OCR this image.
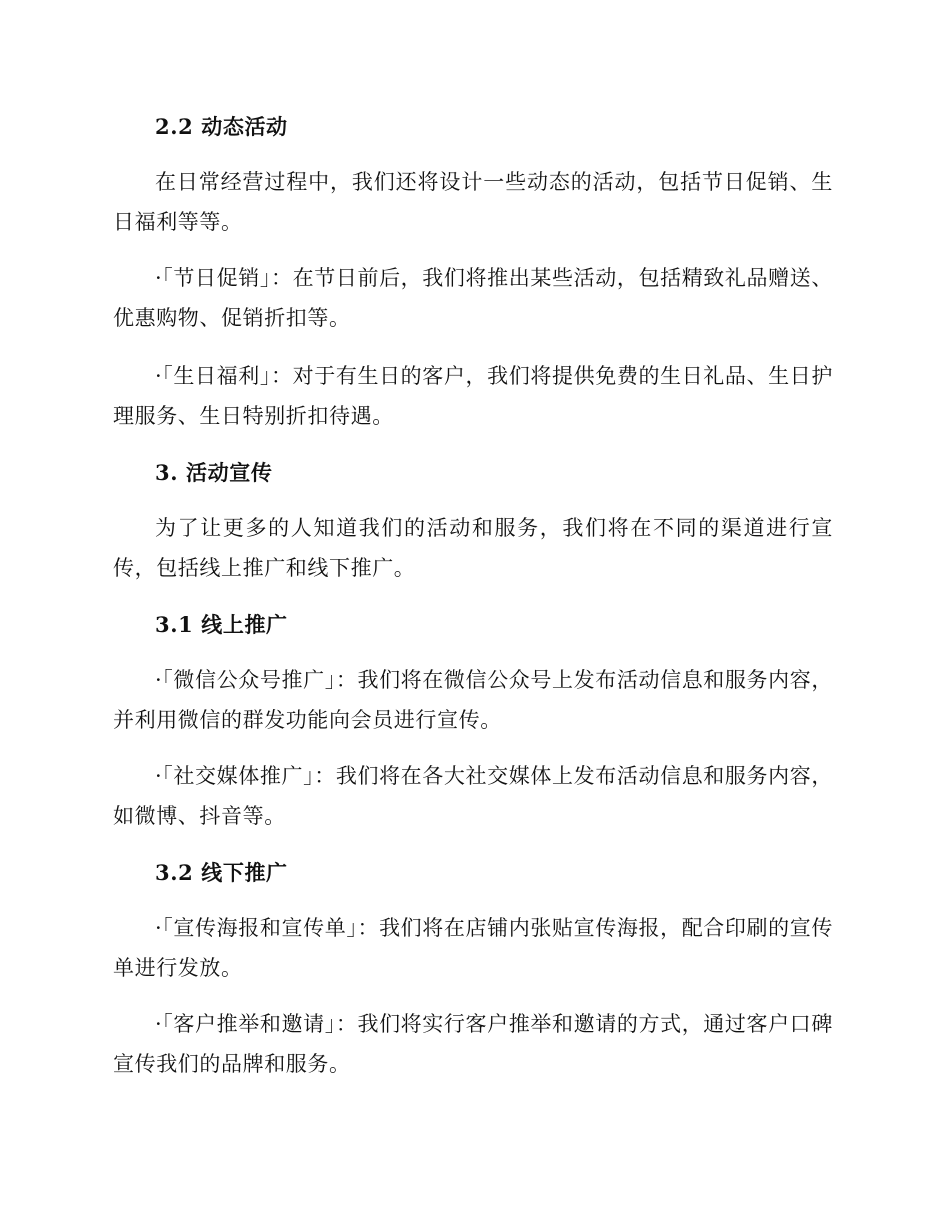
2.2 动态活动

在日常经营过程中，我们还将设计一些动态的活动，包括节日促销、生日福利等等。

·「节日促销」：在节日前后，我们将推出某些活动，包括精致礼品赠送、优惠购物、促销折扣等。

·「生日福利」：对于有生日的客户，我们将提供免费的生日礼品、生日护理服务、生日特别折扣待遇。

3. 活动宣传

为了让更多的人知道我们的活动和服务，我们将在不同的渠道进行宣传，包括线上推广和线下推广。

3.1 线上推广

·「微信公众号推广」：我们将在微信公众号上发布活动信息和服务内容，并利用微信的群发功能向会员进行宣传。

·「社交媒体推广」：我们将在各大社交媒体上发布活动信息和服务内容，如微博、抖音等。

3.2 线下推广

·「宣传海报和宣传单」：我们将在店铺内张贴宣传海报，配合印刷的宣传单进行发放。

·「客户推举和邀请」：我们将实行客户推举和邀请的方式，通过客户口碑宣传我们的品牌和服务。
